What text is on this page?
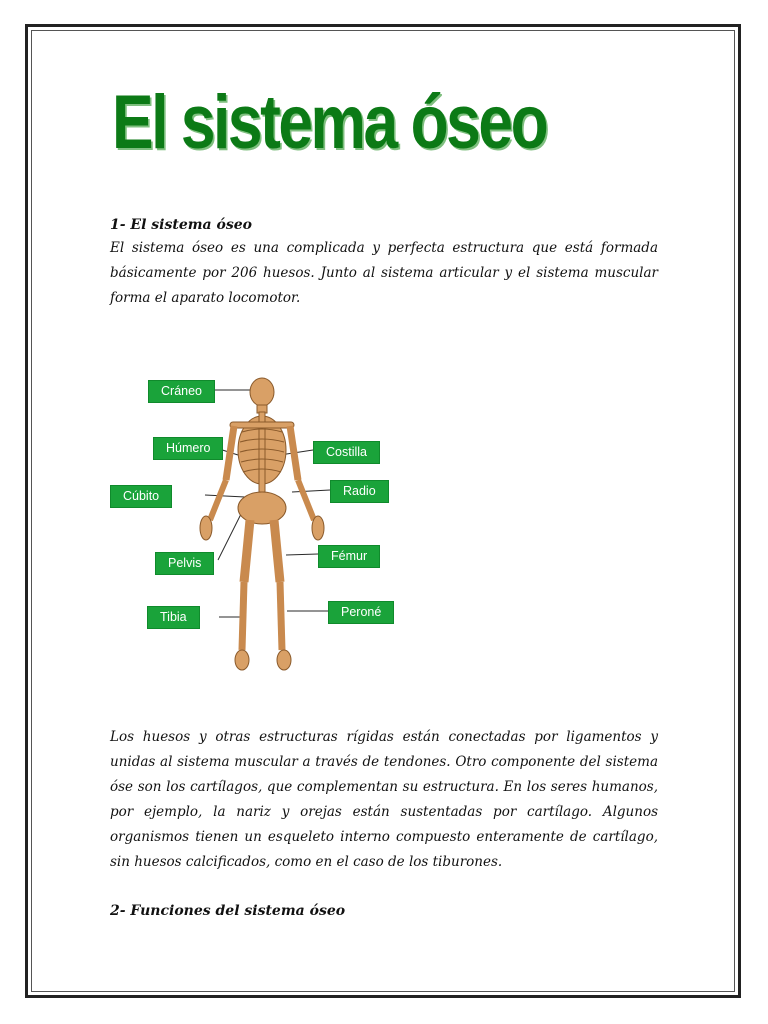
El sistema óseo

1- El sistema óseo

El sistema óseo es una complicada y perfecta estructura que está formada básicamente por 206 huesos. Junto al sistema articular y el sistema muscular forma el aparato locomotor.

Cráneo
Húmero	Costilla
Cúbito	Radio
Pelvis	Fémur
Tibia	Peroné

Los huesos y otras estructuras rígidas están conectadas por ligamentos y unidas al sistema muscular a través de tendones. Otro componente del sistema óse son los cartílagos, que complementan su estructura. En los seres humanos, por ejemplo, la nariz y orejas están sustentadas por cartílago. Algunos organismos tienen un esqueleto interno compuesto enteramente de cartílago, sin huesos calcificados, como en el caso de los tiburones.

2- Funciones del sistema óseo
